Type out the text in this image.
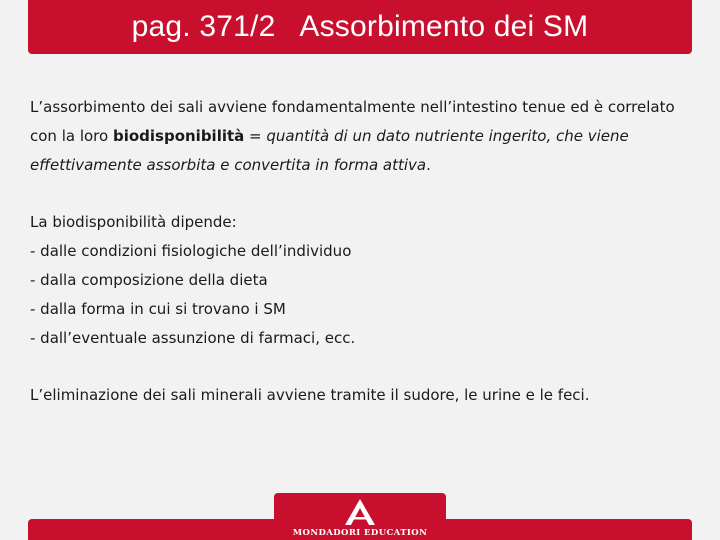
pag. 371/2   Assorbimento dei SM

L’assorbimento dei sali avviene fondamentalmente nell’intestino tenue ed è correlato con la loro biodisponibilità = quantità di un dato nutriente ingerito, che viene effettivamente assorbita e convertita in forma attiva.

La biodisponibilità dipende:

- dalle condizioni fisiologiche dell’individuo

- dalla composizione della dieta

- dalla forma in cui si trovano i SM

- dall’eventuale assunzione di farmaci, ecc.

L’eliminazione dei sali minerali avviene tramite il sudore, le urine e le feci.

MONDADORI EDUCATION
